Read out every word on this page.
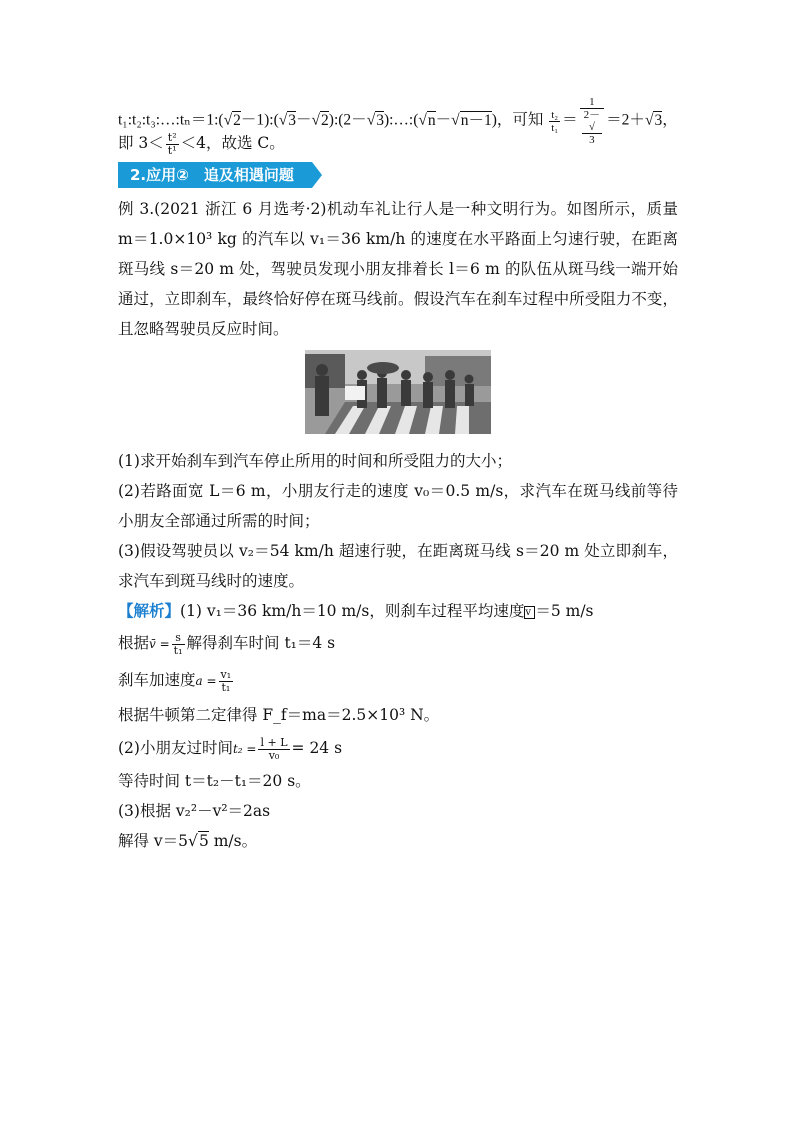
t₁:t₂:t₃:…:tₙ＝1:(√2－1):(√3－√2):(2－√3):…:(√n－√n－1)，可知 $\frac{\text{t₂}}{\text{t₁}} = 1$
2－
√
3 ＝2＋√3，
即 $3< \frac{\text{t²}}{\text{t¹}} <4$，故选 C。
2.应用②　追及相遇问题

例 3.(2021 浙江 6 月选考·2)机动车礼让行人是一种文明行为。如图所示，质量 m＝1.0×10³ kg 的汽车以 v₁＝36 km/h 的速度在水平路面上匀速行驶，在距离斑马线 s＝20 m 处，驾驶员发现小朋友排着长 l＝6 m 的队伍从斑马线一端开始通过，立即刹车，最终恰好停在斑马线前。假设汽车在刹车过程中所受阻力不变，且忽略驾驶员反应时间。

(1)求开始刹车到汽车停止所用的时间和所受阻力的大小；

(2)若路面宽 L＝6 m，小朋友行走的速度 v₀＝0.5 m/s，求汽车在斑马线前等待小朋友全部通过所需的时间；

(3)假设驾驶员以 v₂＝54 km/h 超速行驶，在距离斑马线 s＝20 m 处立即刹车，求汽车到斑马线时的速度。

【解析】(1) v₁＝36 km/h＝10 m/s，则刹车过程平均速度v ＝5 m/s
根据v̄ = $\frac{s}{\text{t₁}}$ 解得刹车时间 t₁＝4 s
刹车加速度$a = \frac{\text{v₁}}{\text{t₁}}$
根据牛顿第二定律得 F_f＝ma＝2.5×10³ N。
(2)小朋友过时间$t_2 = \frac{l + L}{\text{v₀}} = 24$ s
等待时间 t＝t₂－t₁＝20 s。
(3)根据 v₂²－v²＝2as
解得 v＝5√5 m/s。
